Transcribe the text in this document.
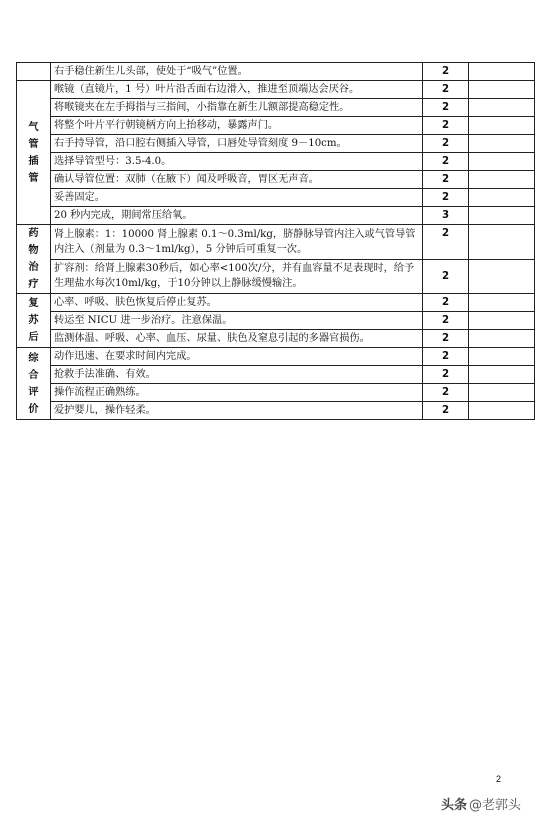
	右手稳住新生儿头部，使处于“吸气”位置。	2	

气
管
插
管	喉镜（直镜片，1 号）叶片沿舌面右边滑入，推进至顶端达会厌谷。	2	
	将喉镜夹在左手拇指与三指间，小指靠在新生儿额部提高稳定性。	2	
	将整个叶片平行朝镜柄方向上抬移动，暴露声门。	2	
	右手持导管，沿口腔右侧插入导管，口唇处导管刻度 9－10cm。	2	
	选择导管型号：3.5-4.0。	2	
	确认导管位置：双肺（在腋下）闻及呼吸音，胃区无声音。	2	
	妥善固定。	2	
	20 秒内完成，期间常压给氧。	3	

药
物
治
疗	肾上腺素：1：10000 肾上腺素 0.1～0.3ml/kg，脐静脉导管内注入或气管导管内注入（剂量为 0.3～1ml/kg），5 分钟后可重复一次。	2	
	扩容剂：给肾上腺素30秒后，如心率<100次/分，并有血容量不足表现时，给予生理盐水每次10ml/kg，于10分钟以上静脉缓慢输注。	2	

复
苏
后	心率、呼吸、肤色恢复后停止复苏。	2	
	转运至 NICU 进一步治疗。注意保温。	2	
	监测体温、呼吸、心率、血压、尿量、肤色及窒息引起的多器官损伤。	2	

综
合
评
价	动作迅速、在要求时间内完成。	2	
	抢救手法准确、有效。	2	
	操作流程正确熟练。	2	
	爱护婴儿，操作轻柔。	2	
2
头条 @老郭头
